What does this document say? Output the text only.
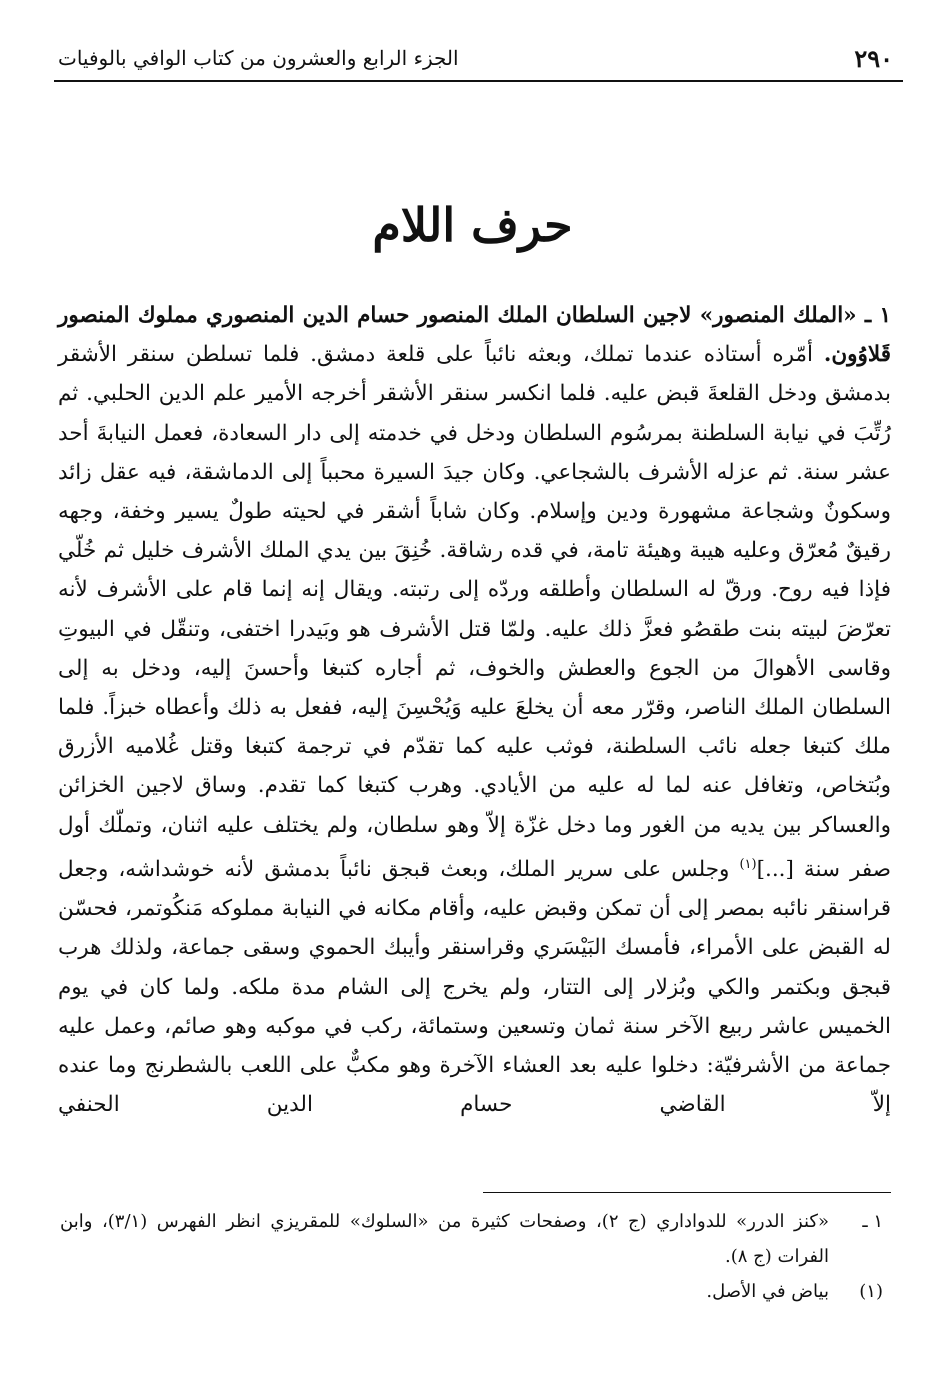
٢٩٠
الجزء الرابع والعشرون من كتاب الوافي بالوفيات
حرف اللام

١ ـ «الملك المنصور» لاجين السلطان الملك المنصور حسام الدين المنصوري مملوك المنصور قَلاوُون. أمّره أستاذه عندما تملك، وبعثه نائباً على قلعة دمشق. فلما تسلطن سنقر الأشقر بدمشق ودخل القلعةَ قبض عليه. فلما انكسر سنقر الأشقر أخرجه الأمير علم الدين الحلبي. ثم رُتِّبَ في نيابة السلطنة بمرسُوم السلطان ودخل في خدمته إلى دار السعادة، فعمل النيابةَ أحد عشر سنة. ثم عزله الأشرف بالشجاعي. وكان جيدَ السيرة محبباً إلى الدماشقة، فيه عقل زائد وسكونٌ وشجاعة مشهورة ودين وإسلام. وكان شاباً أشقر في لحيته طولٌ يسير وخفة، وجهه رقيقٌ مُعرّق وعليه هيبة وهيئة تامة، في قده رشاقة. خُنِقَ بين يدي الملك الأشرف خليل ثم خُلّي فإذا فيه روح. ورقّ له السلطان وأطلقه وردّه إلى رتبته. ويقال إنه إنما قام على الأشرف لأنه تعرّضَ لبيته بنت طقصُو فعزَّ ذلك عليه. ولمّا قتل الأشرف هو وبَيدرا اختفى، وتنقّل في البيوتِ وقاسى الأهوالَ من الجوع والعطش والخوف، ثم أجاره كتبغا وأحسنَ إليه، ودخل به إلى السلطان الملك الناصر، وقرّر معه أن يخلعَ عليه وَيُحْسِنَ إليه، ففعل به ذلك وأعطاه خبزاً. فلما ملك كتبغا جعله نائب السلطنة، فوثب عليه كما تقدّم في ترجمة كتبغا وقتل غُلاميه الأزرق وبُتخاص، وتغافل عنه لما له عليه من الأيادي. وهرب كتبغا كما تقدم. وساق لاجين الخزائن والعساكر بين يديه من الغور وما دخل غزّة إلاّ وهو سلطان، ولم يختلف عليه اثنان، وتملّك أول صفر سنة [...]$^{(١)}$ وجلس على سرير الملك، وبعث قبجق نائباً بدمشق لأنه خوشداشه، وجعل قراسنقر نائبه بمصر إلى أن تمكن وقبض عليه، وأقام مكانه في النيابة مملوكه مَنكُوتمر، فحسّن له القبض على الأمراء، فأمسك البَيْسَري وقراسنقر وأيبك الحموي وسقى جماعة، ولذلك هرب قبجق وبكتمر والكي وبُزلار إلى التتار، ولم يخرج إلى الشام مدة ملكه. ولما كان في يوم الخميس عاشر ربيع الآخر سنة ثمان وتسعين وستمائة، ركب في موكبه وهو صائم، وعمل عليه جماعة من الأشرفيّة: دخلوا عليه بعد العشاء الآخرة وهو مكبٌّ على اللعب بالشطرنج وما عنده إلاّ القاضي حسام الدين الحنفي

١ ـ
«كنز الدرر» للدواداري (ج ٢)، وصفحات كثيرة من «السلوك» للمقريزي انظر الفهرس (٣/١)، وابن الفرات (ج ٨).
(١)
بياض في الأصل.
